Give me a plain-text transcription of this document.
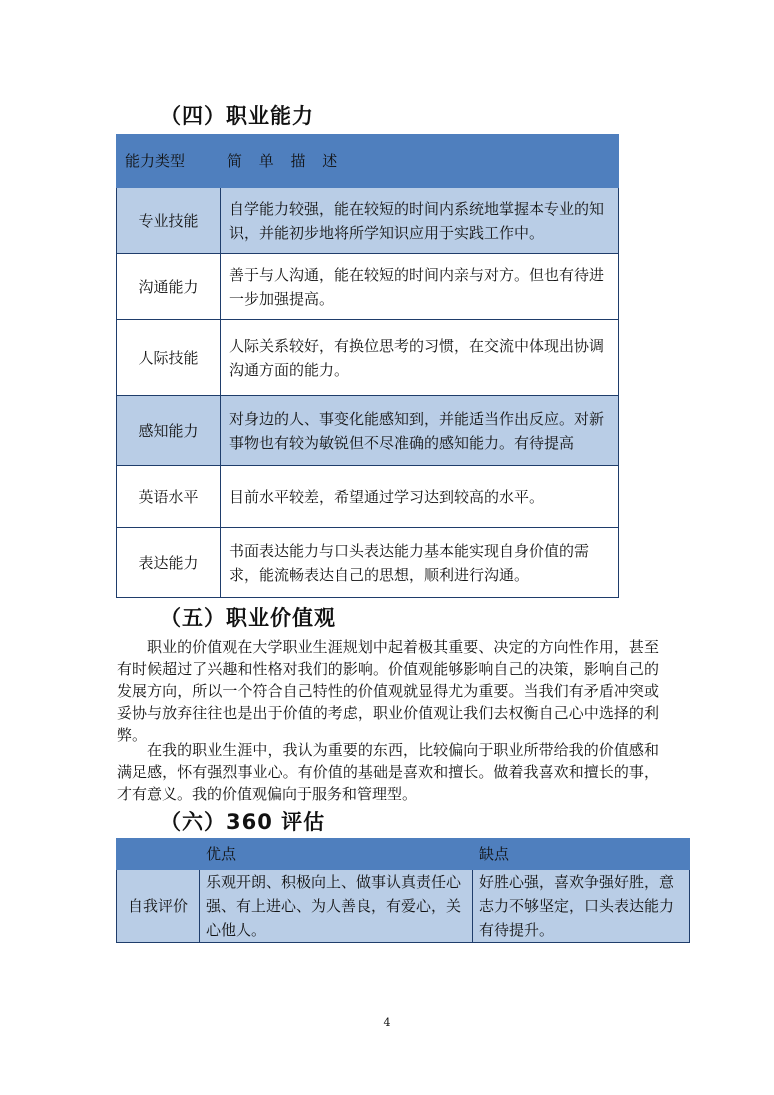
（四）职业能力
能力类型	简 单 描 述
专业技能	自学能力较强，能在较短的时间内系统地掌握本专业的知识，并能初步地将所学知识应用于实践工作中。
沟通能力	善于与人沟通，能在较短的时间内亲与对方。但也有待进一步加强提高。
人际技能	人际关系较好，有换位思考的习惯，在交流中体现出协调沟通方面的能力。
感知能力	对身边的人、事变化能感知到，并能适当作出反应。对新事物也有较为敏锐但不尽准确的感知能力。有待提高
英语水平	目前水平较差，希望通过学习达到较高的水平。
表达能力	书面表达能力与口头表达能力基本能实现自身价值的需求，能流畅表达自己的思想，顺利进行沟通。
（五）职业价值观

职业的价值观在大学职业生涯规划中起着极其重要、决定的方向性作用，甚至有时候超过了兴趣和性格对我们的影响。价值观能够影响自己的决策，影响自己的发展方向，所以一个符合自己特性的价值观就显得尤为重要。当我们有矛盾冲突或妥协与放弃往往也是出于价值的考虑，职业价值观让我们去权衡自己心中选择的利弊。

在我的职业生涯中，我认为重要的东西，比较偏向于职业所带给我的价值感和满足感，怀有强烈事业心。有价值的基础是喜欢和擅长。做着我喜欢和擅长的事，才有意义。我的价值观偏向于服务和管理型。

（六）360 评估
	优点	缺点
自我评价	乐观开朗、积极向上、做事认真责任心强、有上进心、为人善良，有爱心，关心他人。	好胜心强，喜欢争强好胜，意志力不够坚定，口头表达能力有待提升。
4
